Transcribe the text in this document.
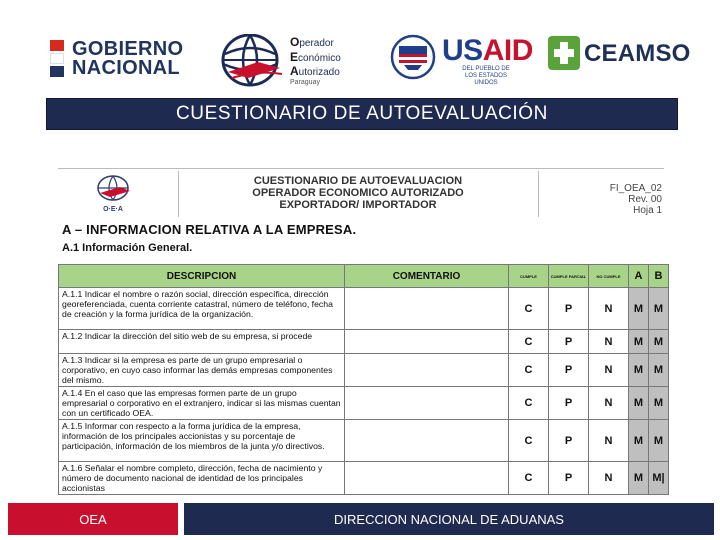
GOBIERNO
NACIONAL
Operador
Económico
Autorizado
Paraguay
USAID
DEL PUEBLO DE LOS ESTADOS UNIDOS
CEAMSO
CUESTIONARIO DE AUTOEVALUACIÓN
O·E·A
CUESTIONARIO DE AUTOEVALUACION
OPERADOR ECONOMICO AUTORIZADO
EXPORTADOR/ IMPORTADOR
FI_OEA_02
Rev. 00
Hoja 1
A – INFORMACION RELATIVA A LA EMPRESA.
A.1 Información General.
DESCRIPCION	COMENTARIO	CUMPLE	CUMPLE PARCIAL	NO CUMPLE	A	B
A.1.1 Indicar el nombre o razón social, dirección específica, dirección georeferenciada, cuenta corriente catastral, número de teléfono, fecha de creación y la forma jurídica de la organización.		C	P	N	M	M
A.1.2 Indicar la dirección del sitio web de su empresa, si procede		C	P	N	M	M
A.1.3 Indicar si la empresa es parte de un grupo empresarial o corporativo, en cuyo caso informar las demás empresas componentes del mismo.		C	P	N	M	M
A.1.4 En el caso que las empresas formen parte de un grupo empresarial o corporativo en el extranjero, indicar si las mismas cuentan con un certificado OEA.		C	P	N	M	M
A.1.5 Informar con respecto a la forma jurídica de la empresa, información de los principales accionistas y su porcentaje de participación, información de los miembros de la junta y/o directivos.		C	P	N	M	M
A.1.6 Señalar el nombre completo, dirección, fecha de nacimiento y número de documento nacional de identidad de los principales accionistas		C	P	N	M	M|
OEA	DIRECCION NACIONAL DE ADUANAS
